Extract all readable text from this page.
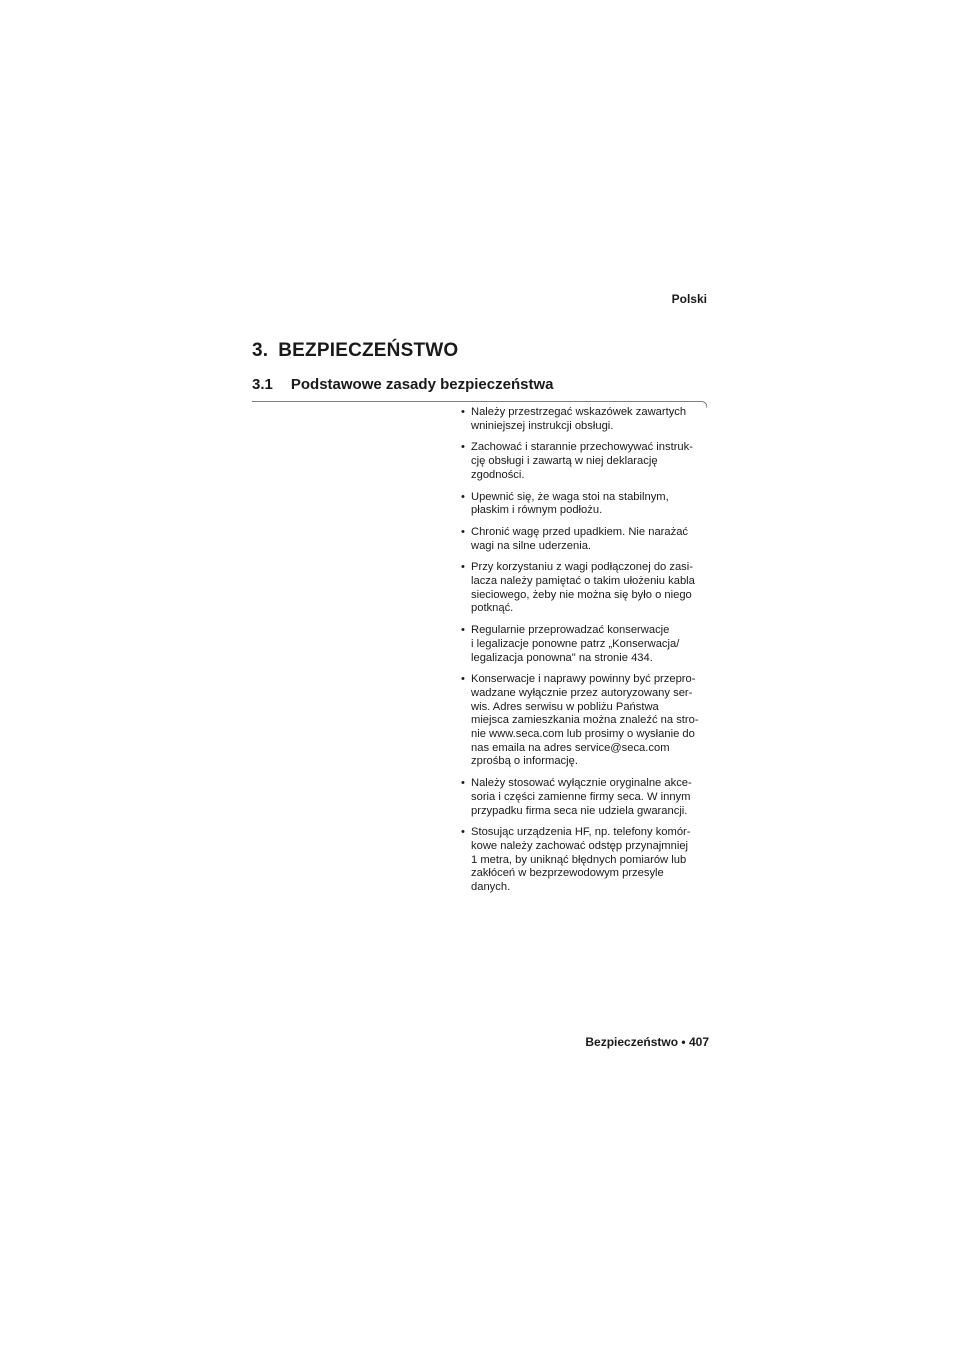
Polski
3. BEZPIECZEŃSTWO
3.1 Podstawowe zasady bezpieczeństwa
• Należy przestrzegać wskazówek zawartych
wniniejszej instrukcji obsługi.
• Zachować i starannie przechowywać instruk-
cję obsługi i zawartą w niej deklarację
zgodności.
• Upewnić się, że waga stoi na stabilnym,
płaskim i równym podłożu.
• Chronić wagę przed upadkiem. Nie narażać
wagi na silne uderzenia.
• Przy korzystaniu z wagi podłączonej do zasi-
lacza należy pamiętać o takim ułożeniu kabla
sieciowego, żeby nie można się było o niego
potknąć.
• Regularnie przeprowadzać konserwacje
i legalizacje ponowne patrz „Konserwacja/
legalizacja ponowna" na stronie 434.
• Konserwacje i naprawy powinny być przepro-
wadzane wyłącznie przez autoryzowany ser-
wis. Adres serwisu w pobliżu Państwa
miejsca zamieszkania można znaleźć na stro-
nie www.seca.com lub prosimy o wysłanie do
nas emaila na adres service@seca.com
zprośbą o informację.
• Należy stosować wyłącznie oryginalne akce-
soria i części zamienne firmy seca. W innym
przypadku firma seca nie udziela gwarancji.
• Stosując urządzenia HF, np. telefony komór-
kowe należy zachować odstęp przynajmniej
1 metra, by uniknąć błędnych pomiarów lub
zakłóceń w bezprzewodowym przesyle
danych.
Bezpieczeństwo • 407
